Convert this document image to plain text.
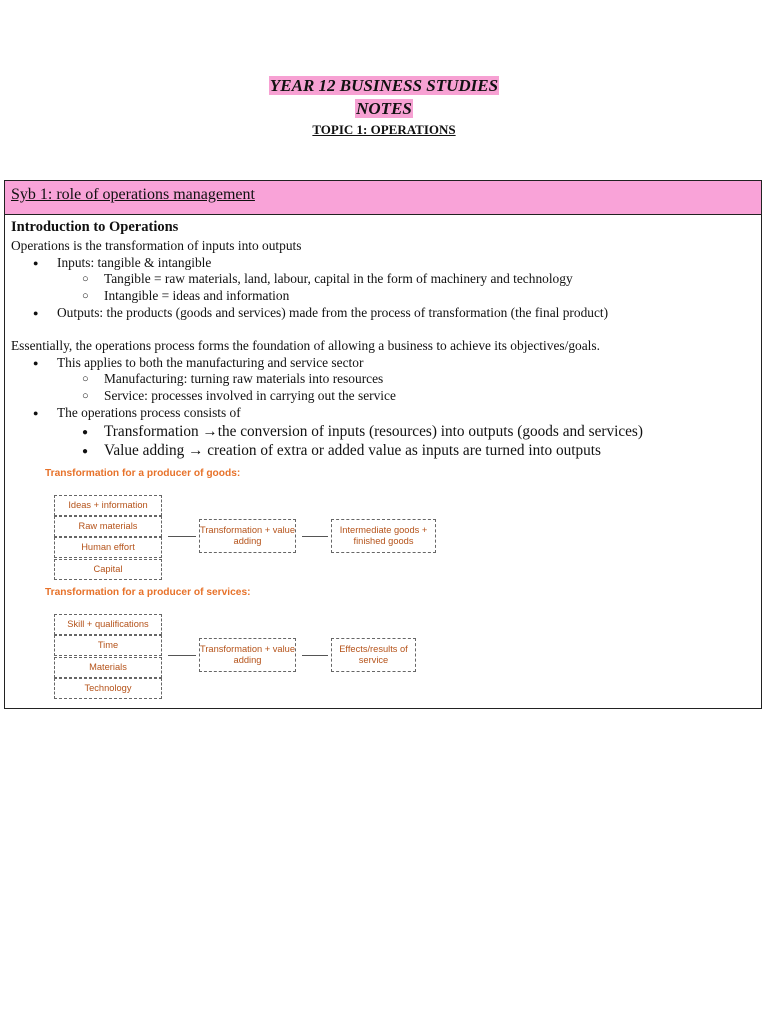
YEAR 12 BUSINESS STUDIES
NOTES
TOPIC 1: OPERATIONS
Syb 1: role of operations management
Introduction to Operations
Operations is the transformation of inputs into outputs
● Inputs: tangible & intangible
○ Tangible = raw materials, land, labour, capital in the form of machinery and technology
○ Intangible = ideas and information
● Outputs: the products (goods and services) made from the process of transformation (the final product)
Essentially, the operations process forms the foundation of allowing a business to achieve its objectives/goals.
● This applies to both the manufacturing and service sector
○ Manufacturing: turning raw materials into resources
○ Service: processes involved in carrying out the service
● The operations process consists of
● Transformation →the conversion of inputs (resources) into outputs (goods and services)
● Value adding → creation of extra or added value as inputs are turned into outputs
Transformation for a producer of goods:
Ideas + information
Raw materials
Human effort
Capital
Transformation + value adding
Intermediate goods + finished goods
Transformation for a producer of services:
Skill + qualifications
Time
Materials
Technology
Transformation + value adding
Effects/results of service
